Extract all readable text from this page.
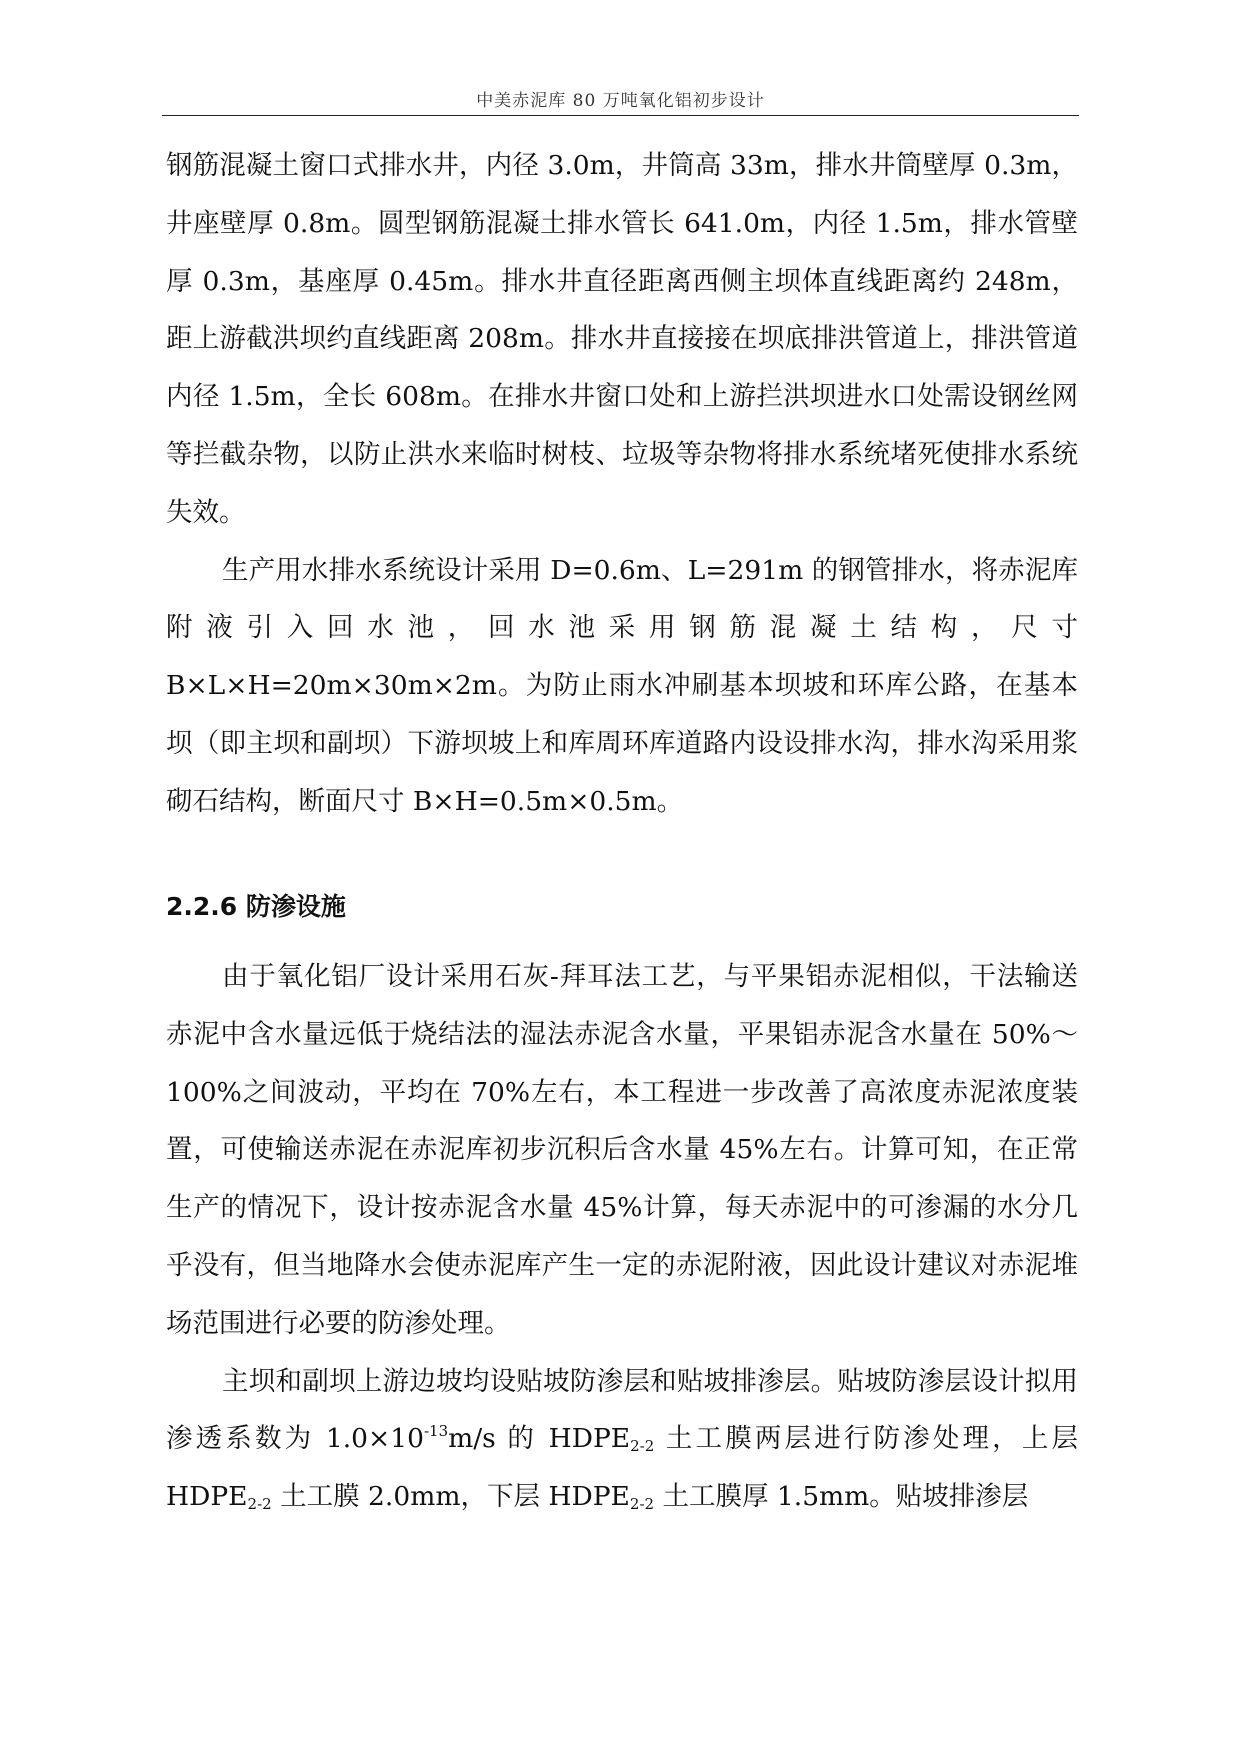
中美赤泥库 80 万吨氧化铝初步设计

钢筋混凝土窗口式排水井，内径 3.0m，井筒高 33m，排水井筒壁厚 0.3m，井座壁厚 0.8m。圆型钢筋混凝土排水管长 641.0m，内径 1.5m，排水管壁厚 0.3m，基座厚 0.45m。排水井直径距离西侧主坝体直线距离约 248m，距上游截洪坝约直线距离 208m。排水井直接接在坝底排洪管道上，排洪管道内径 1.5m，全长 608m。在排水井窗口处和上游拦洪坝进水口处需设钢丝网等拦截杂物，以防止洪水来临时树枝、垃圾等杂物将排水系统堵死使排水系统失效。

生产用水排水系统设计采用 D=0.6m、L=291m 的钢管排水，将赤泥库附液引入回水池，回水池采用钢筋混凝土结构，尺寸 B×L×H=20m×30m×2m。为防止雨水冲刷基本坝坡和环库公路，在基本坝（即主坝和副坝）下游坝坡上和库周环库道路内设设排水沟，排水沟采用浆砌石结构，断面尺寸 B×H=0.5m×0.5m。

2.2.6 防渗设施

由于氧化铝厂设计采用石灰-拜耳法工艺，与平果铝赤泥相似，干法输送赤泥中含水量远低于烧结法的湿法赤泥含水量，平果铝赤泥含水量在 50%～100%之间波动，平均在 70%左右，本工程进一步改善了高浓度赤泥浓度装置，可使输送赤泥在赤泥库初步沉积后含水量 45%左右。计算可知，在正常生产的情况下，设计按赤泥含水量 45%计算，每天赤泥中的可渗漏的水分几乎没有，但当地降水会使赤泥库产生一定的赤泥附液，因此设计建议对赤泥堆场范围进行必要的防渗处理。

主坝和副坝上游边坡均设贴坡防渗层和贴坡排渗层。贴坡防渗层设计拟用渗透系数为 $1.0\times 10^{-13}m/s$ 的 $HDPE_{2-2}$ 土工膜两层进行防渗处理，上层 $HDPE_{2-2}$ 土工膜 2.0mm，下层 $HDPE_{2-2}$ 土工膜厚 1.5mm。贴坡排渗层
